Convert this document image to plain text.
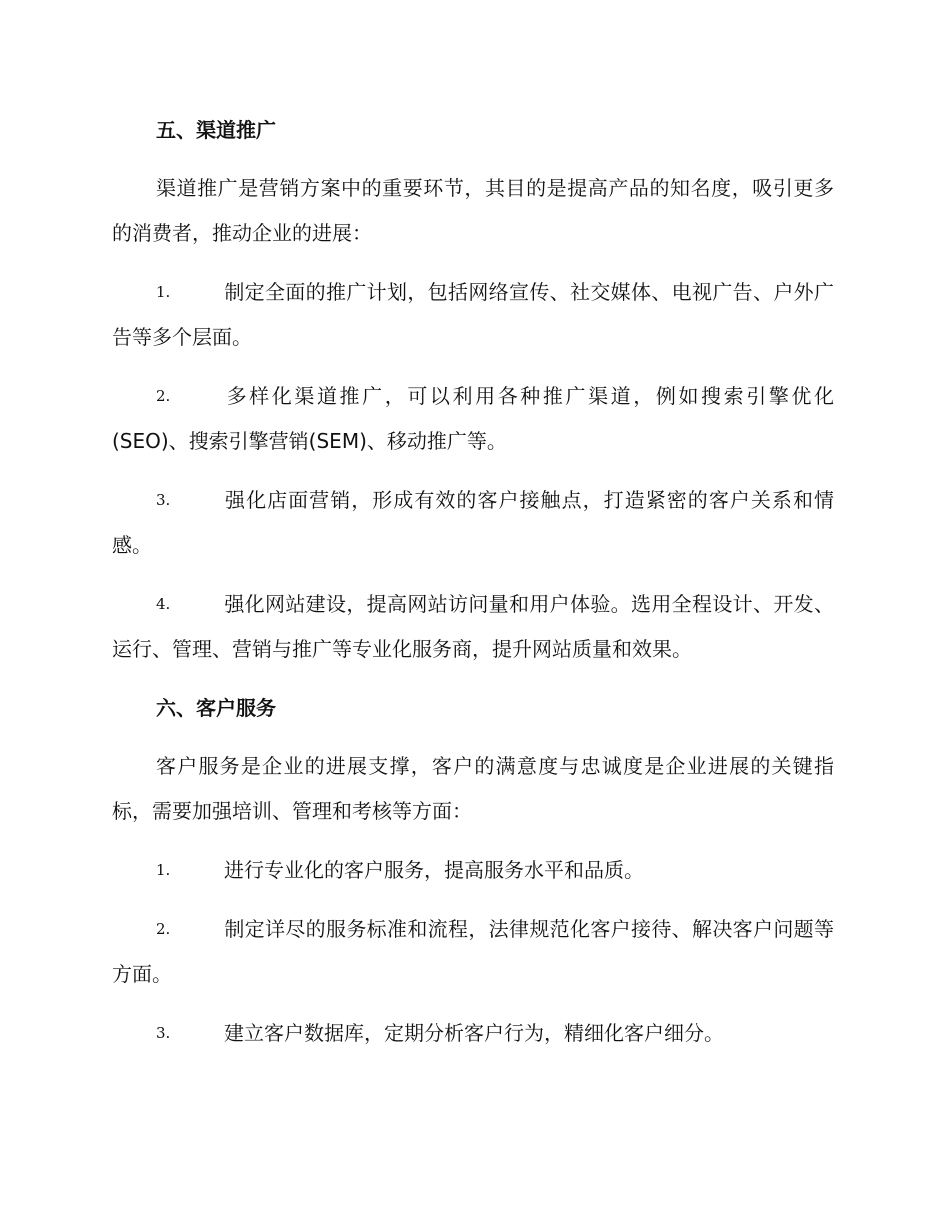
五、渠道推广
渠道推广是营销方案中的重要环节，其目的是提高产品的知名度，吸引更多的消费者，推动企业的进展：
1.	制定全面的推广计划，包括网络宣传、社交媒体、电视广告、户外广告等多个层面。
2.	多样化渠道推广，可以利用各种推广渠道，例如搜索引擎优化(SEO)、搜索引擎营销(SEM)、移动推广等。
3.	强化店面营销，形成有效的客户接触点，打造紧密的客户关系和情感。
4.	强化网站建设，提高网站访问量和用户体验。选用全程设计、开发、运行、管理、营销与推广等专业化服务商，提升网站质量和效果。
六、客户服务
客户服务是企业的进展支撑，客户的满意度与忠诚度是企业进展的关键指标，需要加强培训、管理和考核等方面：
1.	进行专业化的客户服务，提高服务水平和品质。
2.	制定详尽的服务标准和流程，法律规范化客户接待、解决客户问题等方面。
3.	建立客户数据库，定期分析客户行为，精细化客户细分。
